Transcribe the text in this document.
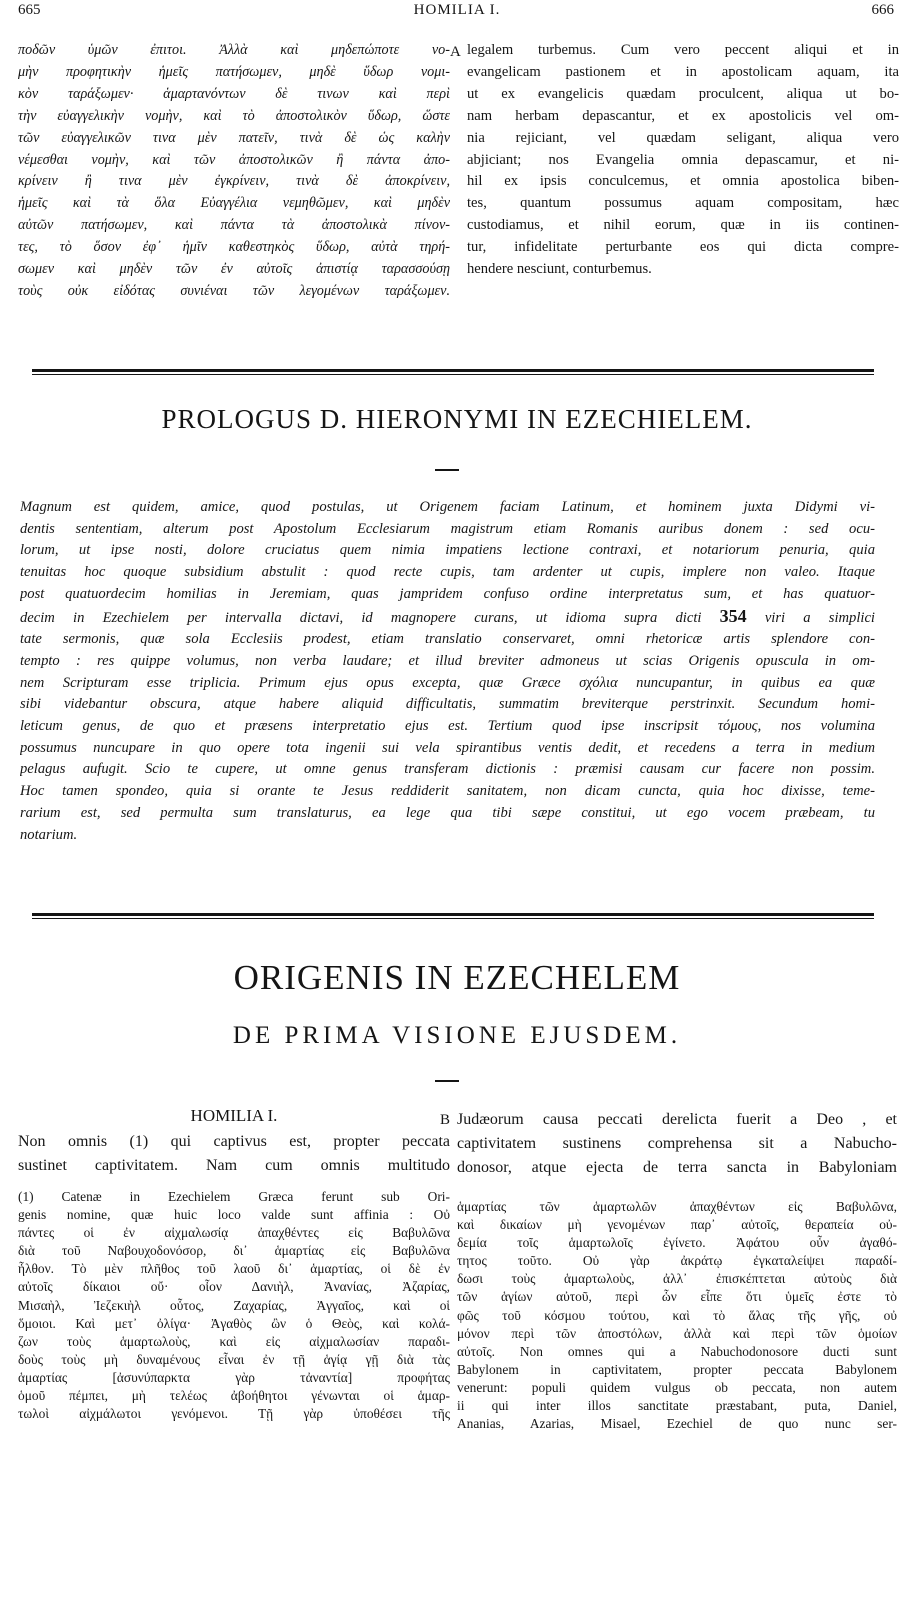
665	HOMILIA I.	666
ποδῶν ὑμῶν ἐπιτοι. Ἀλλὰ καὶ μηδεπώποτε νο-
μὴν προφητικὴν ἡμεῖς πατήσωμεν, μηδὲ ὕδωρ νομι-
κὸν ταράξωμεν· ἁμαρτανόντων δὲ τινων καὶ περὶ
τὴν εὐαγγελικὴν νομὴν, καὶ τὸ ἀποστολικὸν ὕδωρ, ὥστε
τῶν εὐαγγελικῶν τινα μὲν πατεῖν, τινὰ δὲ ὡς καλὴν
νέμεσθαι νομὴν, καὶ τῶν ἀποστολικῶν ἢ πάντα ἀπο-
κρίνειν ἢ τινα μὲν ἐγκρίνειν, τινὰ δὲ ἀποκρίνειν,
ἡμεῖς καὶ τὰ ὅλα Εὐαγγέλια νεμηθῶμεν, καὶ μηδὲν
αὐτῶν πατήσωμεν, καὶ πάντα τὰ ἀποστολικὰ πίνον-
τες, τὸ ὅσον ἐφ᾽ ἡμῖν καθεστηκὸς ὕδωρ, αὐτὰ τηρή-
σωμεν καὶ μηδὲν τῶν ἐν αὐτοῖς ἀπιστίᾳ ταρασσούσῃ
τοὺς οὐκ εἰδότας συνιέναι τῶν λεγομένων ταράξωμεν.
A legalem turbemus. Cum vero peccent aliqui et in
evangelicam pastionem et in apostolicam aquam, ita
ut ex evangelicis quædam proculcent, aliqua ut bo-
nam herbam depascantur, et ex apostolicis vel om-
nia rejiciant, vel quædam seligant, aliqua vero
abjiciant; nos Evangelia omnia depascamur, et ni-
hil ex ipsis conculcemus, et omnia apostolica biben-
tes, quantum possumus aquam compositam, hæc
custodiamus, et nihil eorum, quæ in iis continen-
tur, infidelitate perturbante eos qui dicta compre-
hendere nesciunt, conturbemus.
PROLOGUS D. HIERONYMI IN EZECHIELEM.
Magnum est quidem, amice, quod postulas, ut Origenem faciam Latinum, et hominem juxta Didymi vi-
dentis sententiam, alterum post Apostolum Ecclesiarum magistrum etiam Romanis auribus donem : sed ocu-
lorum, ut ipse nosti, dolore cruciatus quem nimia impatiens lectione contraxi, et notariorum penuria, quia
tenuitas hoc quoque subsidium abstulit : quod recte cupis, tam ardenter ut cupis, implere non valeo. Itaque
post quatuordecim homilias in Jeremiam, quas jampridem confuso ordine interpretatus sum, et has quatuor-
decim in Ezechielem per intervalla dictavi, id magnopere curans, ut idioma supra dicti 354 viri a simplici
tate sermonis, quæ sola Ecclesiis prodest, etiam translatio conservaret, omni rhetoricæ artis splendore con-
tempto : res quippe volumus, non verba laudare; et illud breviter admoneus ut scias Origenis opuscula in om-
nem Scripturam esse triplicia. Primum ejus opus excepta, quæ Græce σχόλια nuncupantur, in quibus ea quæ
sibi videbantur obscura, atque habere aliquid difficultatis, summatim breviterque perstrinxit. Secundum homi-
leticum genus, de quo et præsens interpretatio ejus est. Tertium quod ipse inscripsit τόμους, nos volumina
possumus nuncupare in quo opere tota ingenii sui vela spirantibus ventis dedit, et recedens a terra in medium
pelagus aufugit. Scio te cupere, ut omne genus transferam dictionis : præmisi causam cur facere non possim.
Hoc tamen spondeo, quia si orante te Jesus reddiderit sanitatem, non dicam cuncta, quia hoc dixisse, teme-
rarium est, sed permulta sum translaturus, ea lege qua tibi sæpe constitui, ut ego vocem præbeam, tu
notarium.
ORIGENIS IN EZECHELEM
DE PRIMA VISIONE EJUSDEM.
HOMILIA I.
Non omnis (1) qui captivus est, propter peccata
sustinet captivitatem. Nam cum omnis multitudo
B Judæorum causa peccati derelicta fuerit a Deo , et
captivitatem sustinens comprehensa sit a Nabucho-
donosor, atque ejecta de terra sancta in Babyloniam
(1) Catenæ in Ezechielem Græca ferunt sub Ori-
genis nomine, quæ huic loco valde sunt affinia : Οὐ
πάντες οἱ ἐν αἰχμαλωσίᾳ ἀπαχθέντες εἰς Βαβυλῶνα
διὰ τοῦ Ναβουχοδονόσορ, δι᾽ ἁμαρτίας εἰς Βαβυλῶνα
ἦλθον. Τὸ μὲν πλῆθος τοῦ λαοῦ δι᾽ ἁμαρτίας, οἱ δὲ ἐν
αὐτοῖς δίκαιοι οὔ· οἷον Δανιὴλ, Ἀνανίας, Ἀζαρίας,
Μισαὴλ, Ἰεζεκιὴλ οὗτος, Ζαχαρίας, Ἀγγαῖος, καὶ οἱ
ὅμοιοι. Καὶ μετ᾽ ὀλίγα· Ἀγαθὸς ὢν ὁ Θεὸς, καὶ κολά-
ζων τοὺς ἁμαρτωλοὺς, καὶ εἰς αἰχμαλωσίαν παραδι-
δοὺς τοὺς μὴ δυναμένους εἶναι ἐν τῇ ἁγίᾳ γῇ διὰ τὰς
ἁμαρτίας [ἀσυνύπαρκτα γὰρ τἀναντία] προφήτας
ὁμοῦ πέμπει, μὴ τελέως ἀβοήθητοι γένωνται οἱ ἁμαρ-
τωλοὶ αἰχμάλωτοι γενόμενοι. Τῇ γὰρ ὑποθέσει τῆς
ἁμαρτίας τῶν ἁμαρτωλῶν ἀπαχθέντων εἰς Βαβυλῶνα,
καὶ δικαίων μὴ γενομένων παρ᾽ αὐτοῖς, θεραπεία οὐ-
δεμία τοῖς ἁμαρτωλοῖς ἐγίνετο. Ἀφάτου οὖν ἀγαθό-
τητος τοῦτο. Οὐ γὰρ ἀκράτῳ ἐγκαταλείψει παραδί-
δωσι τοὺς ἁμαρτωλοὺς, ἀλλ᾽ ἐπισκέπτεται αὐτοὺς διὰ
τῶν ἁγίων αὐτοῦ, περὶ ὧν εἶπε ὅτι ὑμεῖς ἐστε τὸ
φῶς τοῦ κόσμου τούτου, καὶ τὸ ἅλας τῆς γῆς, οὐ
μόνον περὶ τῶν ἀποστόλων, ἀλλὰ καὶ περὶ τῶν ὁμοίων
αὐτοῖς. Non omnes qui a Nabuchodonosore ducti sunt
Babylonem in captivitatem, propter peccata Babylonem
venerunt: populi quidem vulgus ob peccata, non autem
ii qui inter illos sanctitate præstabant, puta, Daniel,
Ananias, Azarias, Misael, Ezechiel de quo nunc ser-
